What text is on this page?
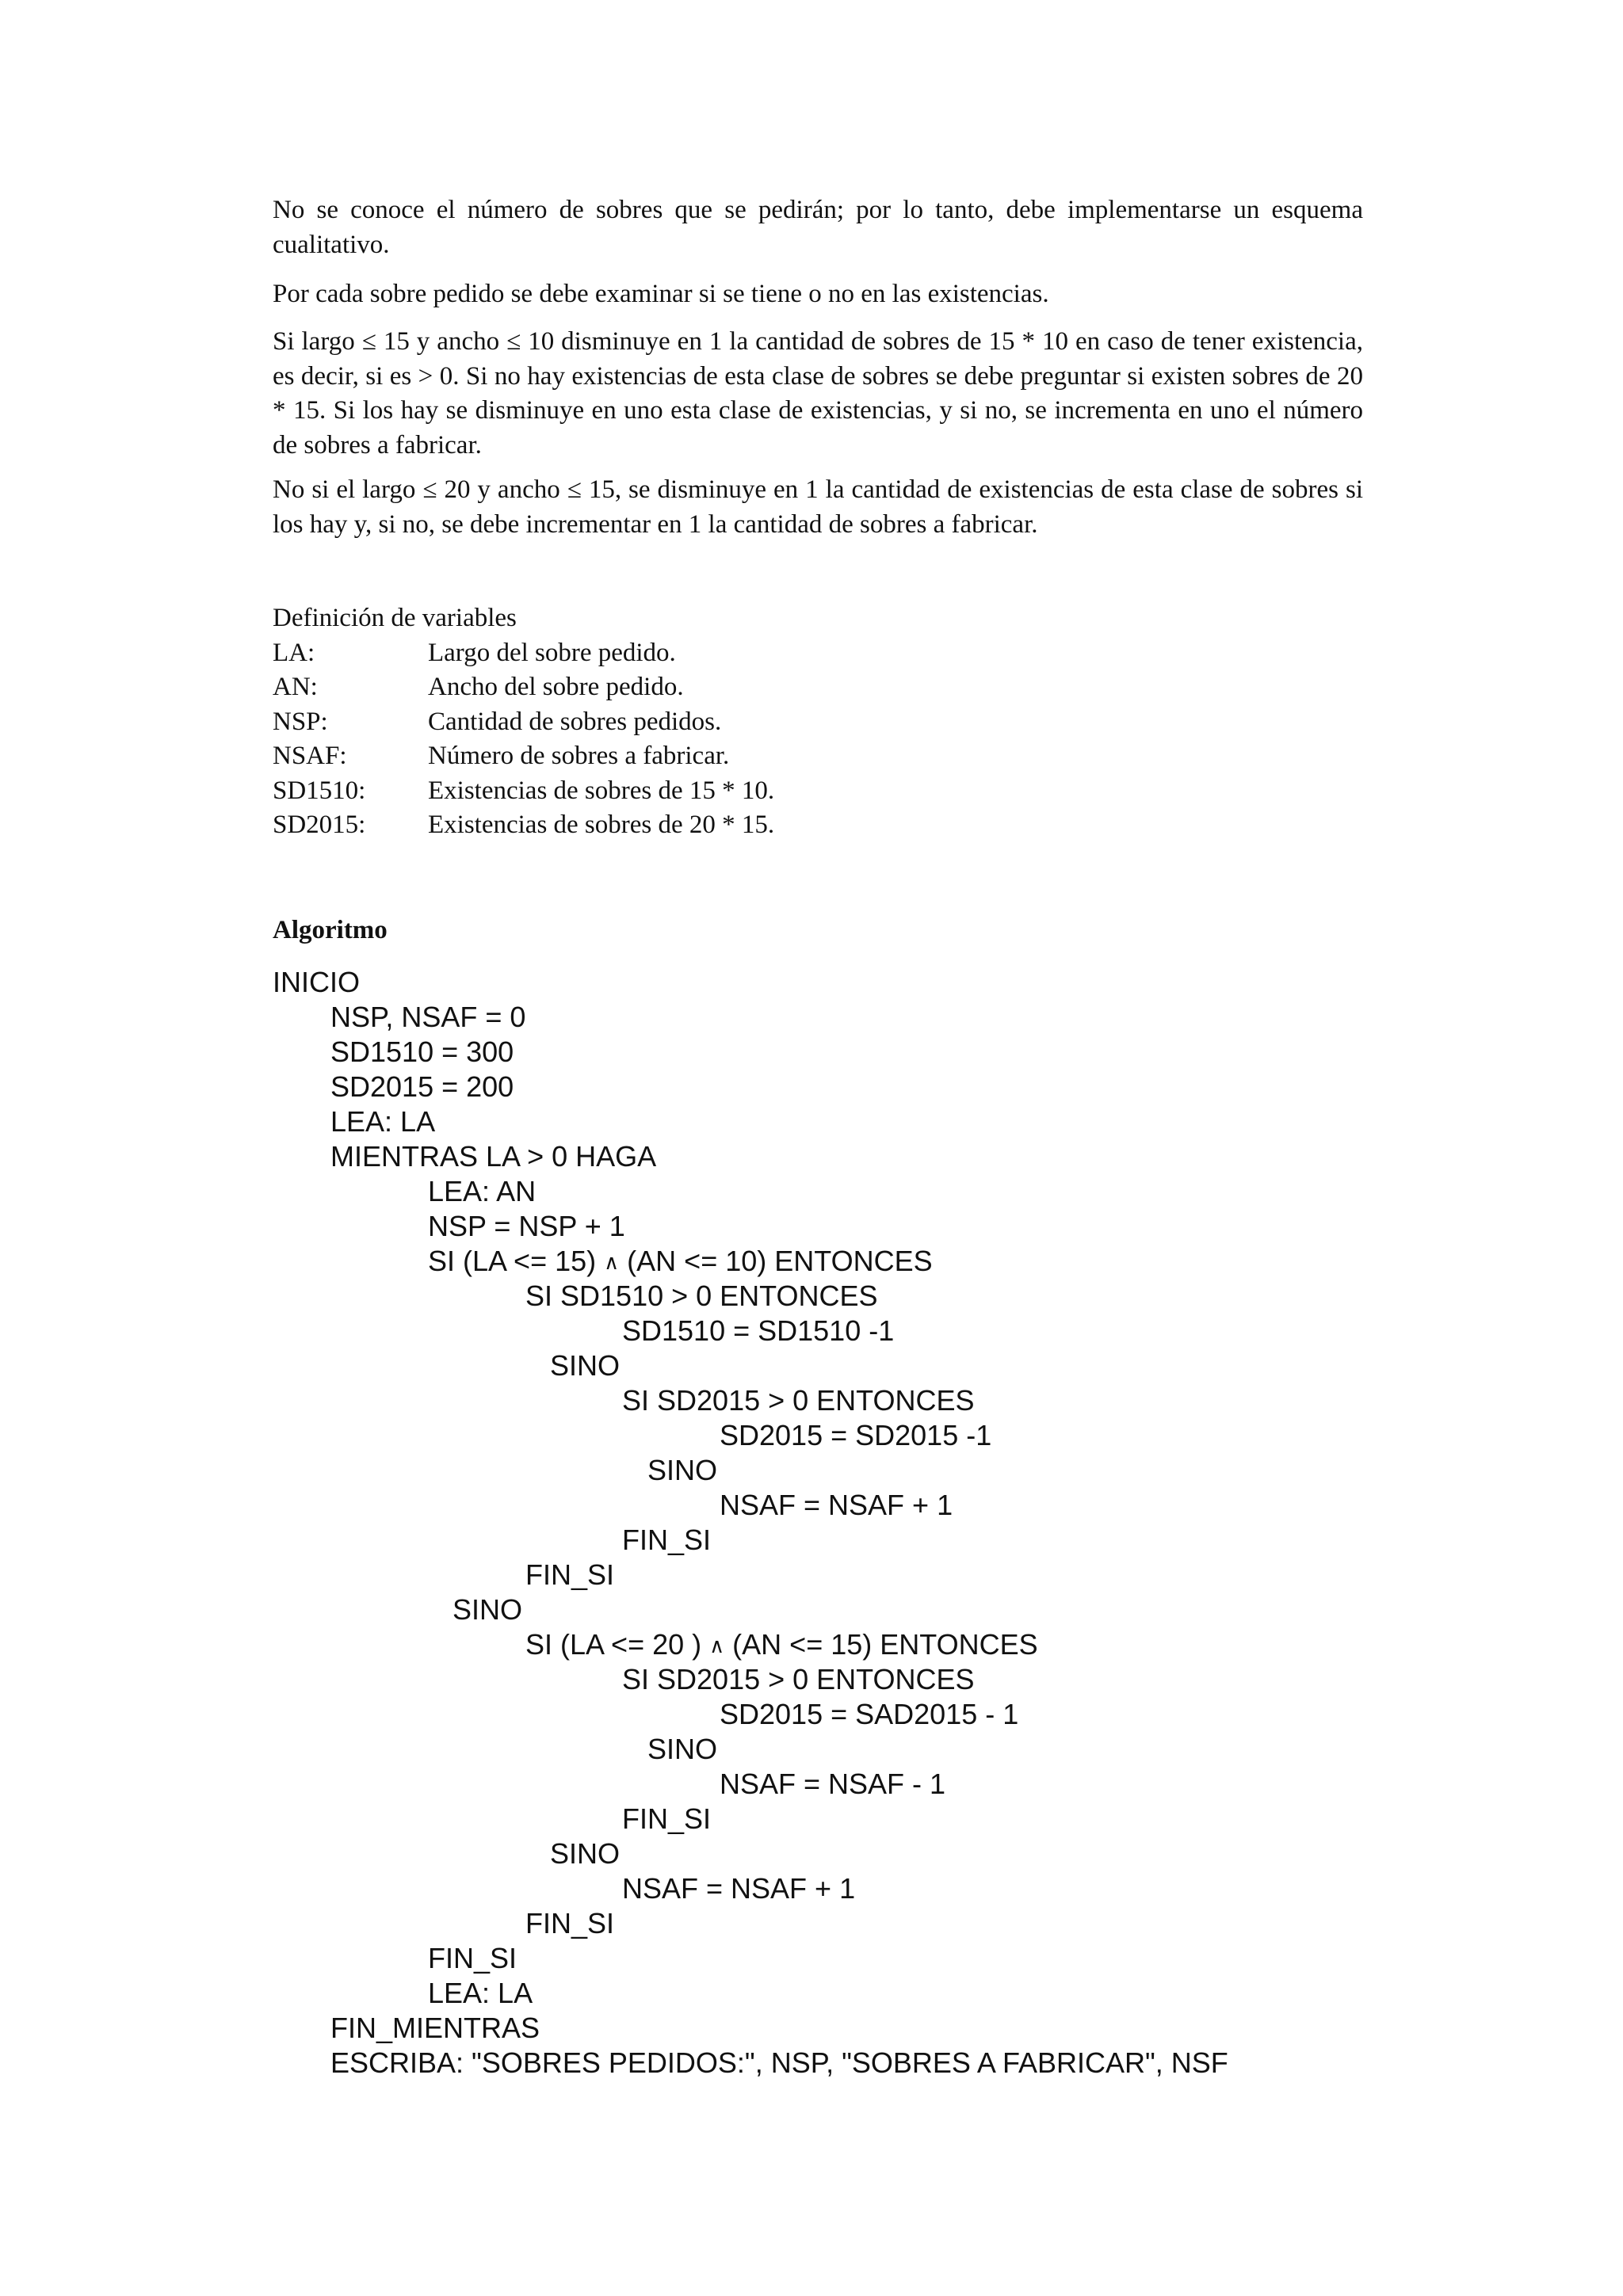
No se conoce el número de sobres que se pedirán; por lo tanto, debe implementarse un esquema cualitativo.

Por cada sobre pedido se debe examinar si se tiene o no en las existencias.

Si largo ≤ 15 y ancho ≤ 10 disminuye en 1 la cantidad de sobres de 15 * 10 en caso de tener existencia, es decir, si es > 0. Si no hay existencias de esta clase de sobres se debe preguntar si existen sobres de 20 * 15. Si los hay se disminuye en uno esta clase de existencias, y si no, se incrementa en uno el número de sobres a fabricar.

No si el largo ≤ 20 y ancho ≤ 15, se disminuye en 1 la cantidad de existencias de esta clase de sobres si los hay y, si no, se debe incrementar en 1 la cantidad de sobres a fabricar.

Definición de variables

LA:	Largo del sobre pedido.
AN:	Ancho del sobre pedido.
NSP:	Cantidad de sobres pedidos.
NSAF:	Número de sobres a fabricar.
SD1510: Existencias de sobres de 15 * 10.
SD2015: Existencias de sobres de 20 * 15.

Algoritmo

INICIO
NSP, NSAF = 0
SD1510 = 300
SD2015 = 200
LEA: LA
MIENTRAS LA > 0 HAGA
LEA: AN
NSP = NSP + 1
SI (LA <= 15) ∧ (AN <= 10) ENTONCES
SI SD1510 > 0 ENTONCES
SD1510 = SD1510 -1
SINO
SI SD2015 > 0 ENTONCES
SD2015 = SD2015 -1
SINO
NSAF = NSAF + 1
FIN_SI
FIN_SI
SINO
SI (LA <= 20 ) ∧ (AN <= 15) ENTONCES
SI SD2015 > 0 ENTONCES
SD2015 = SAD2015 - 1
SINO
NSAF = NSAF - 1
FIN_SI
SINO
NSAF = NSAF + 1
FIN_SI
FIN_SI
LEA: LA
FIN_MIENTRAS
ESCRIBA: "SOBRES PEDIDOS:", NSP, "SOBRES A FABRICAR", NSF
